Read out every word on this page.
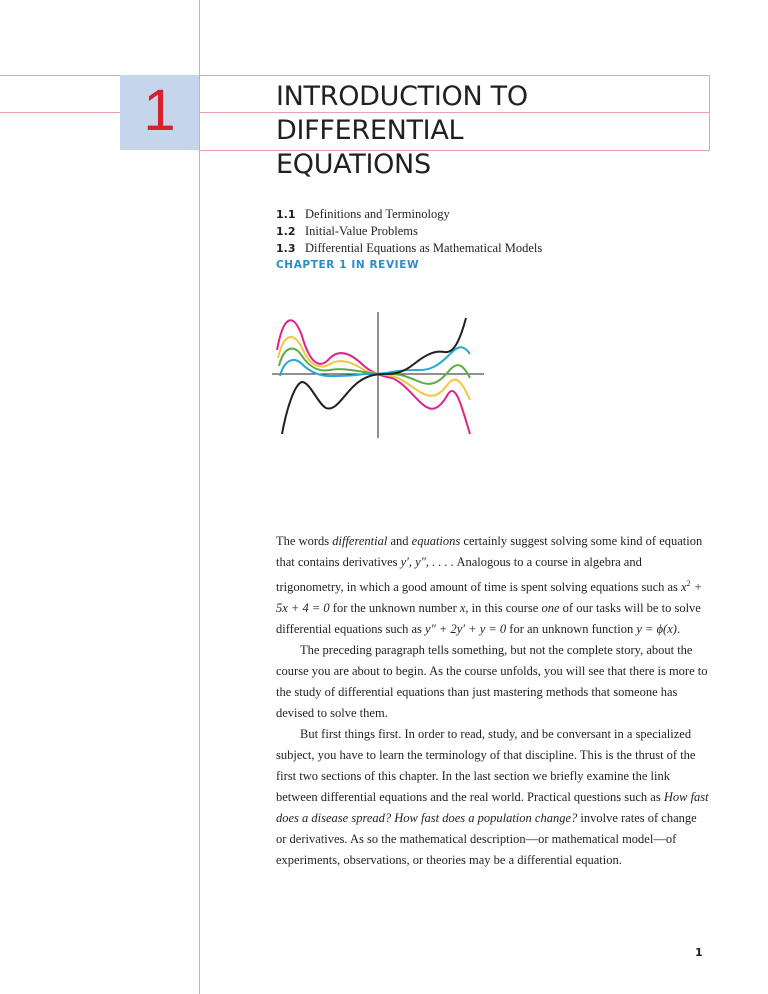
1	INTRODUCTION TO DIFFERENTIAL
EQUATIONS
1.1 Definitions and Terminology
1.2 Initial-Value Problems
1.3 Differential Equations as Mathematical Models
CHAPTER 1 IN REVIEW

The words differential and equations certainly suggest solving some kind of equation that contains derivatives y′, y″, . . . . Analogous to a course in algebra and trigonometry, in which a good amount of time is spent solving equations such as $x^2 + 5x + 4 = 0$ for the unknown number x, in this course one of our tasks will be to solve differential equations such as y″ + 2y′ + y = 0 for an unknown function y = ϕ(x).

The preceding paragraph tells something, but not the complete story, about the course you are about to begin. As the course unfolds, you will see that there is more to the study of differential equations than just mastering methods that someone has devised to solve them.

But first things first. In order to read, study, and be conversant in a specialized subject, you have to learn the terminology of that discipline. This is the thrust of the first two sections of this chapter. In the last section we briefly examine the link between differential equations and the real world. Practical questions such as How fast does a disease spread? How fast does a population change? involve rates of change or derivatives. As so the mathematical description—or mathematical model—of experiments, observations, or theories may be a differential equation.

1
